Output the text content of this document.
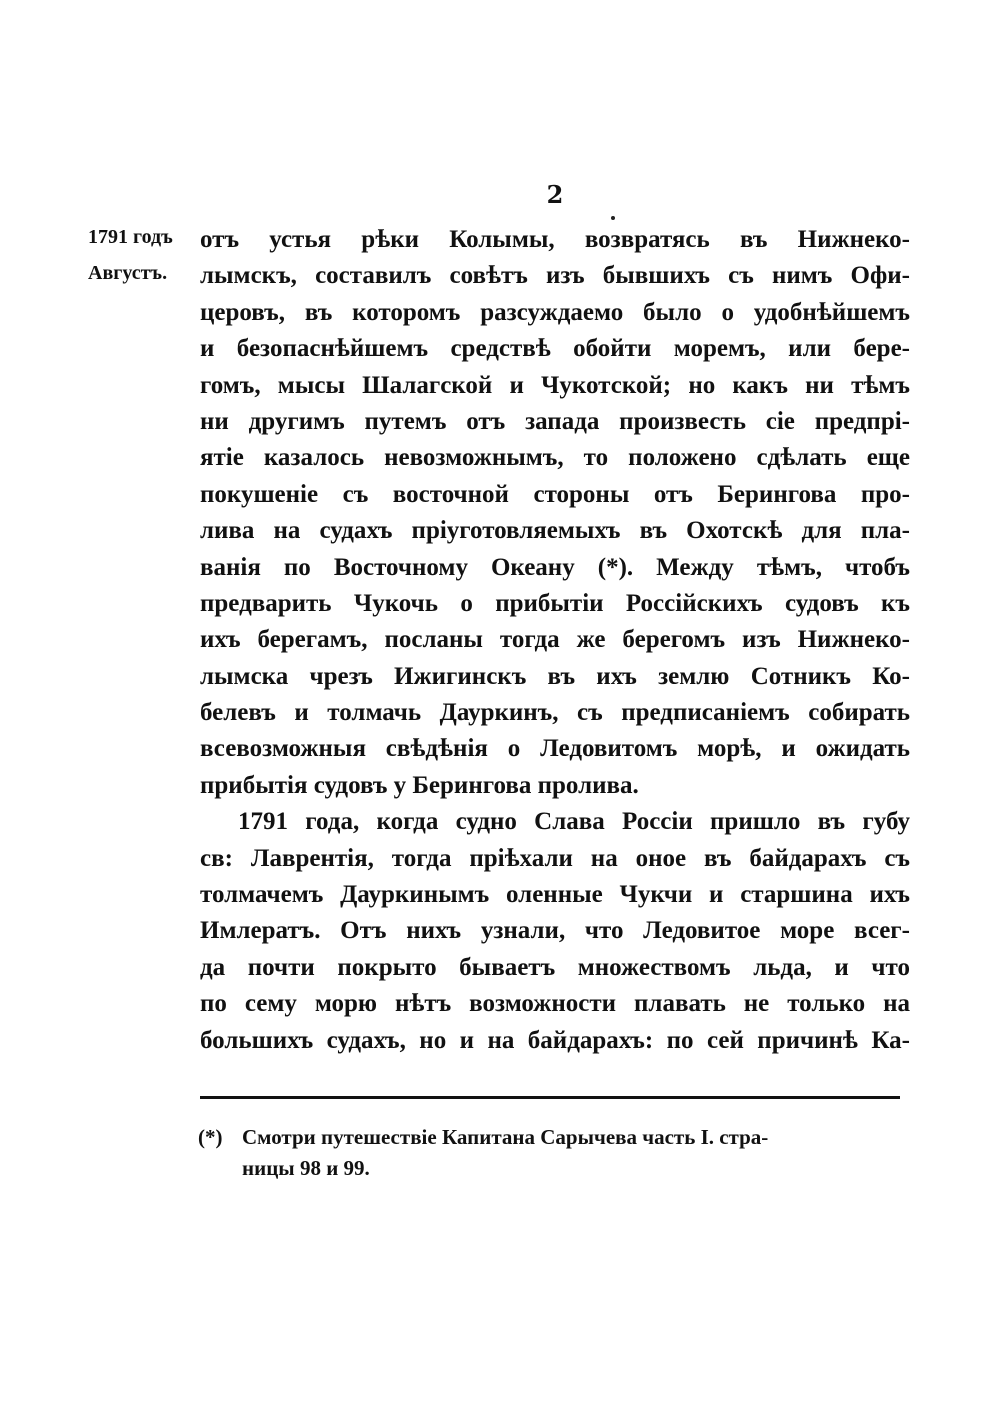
2
1791 годъ
Августъ.
отъ устья рѣки Колымы, возвратясь въ Нижнеко-
лымскъ, составилъ совѣтъ изъ бывшихъ съ нимъ Офи-
церовъ, въ которомъ разсуждаемо было о удобнѣйшемъ
и безопаснѣйшемъ средствѣ обойти моремъ, или бере-
гомъ, мысы Шалагской и Чукотской; но какъ ни тѣмъ
ни другимъ путемъ отъ запада произвесть сіе предпрі-
ятіе казалось невозможнымъ, то положено сдѣлать еще
покушеніе съ восточной стороны отъ Берингова про-
лива на судахъ пріуготовляемыхъ въ Охотскѣ для пла-
ванія по Восточному Океану (*). Между тѣмъ, чтобъ
предварить Чукочь о прибытіи Россійскихъ судовъ къ
ихъ берегамъ, посланы тогда же берегомъ изъ Нижнеко-
лымска чрезъ Ижигинскъ въ ихъ землю Сотникъ Ко-
белевъ и толмачь Дауркинъ, съ предписаніемъ собирать
всевозможныя свѣдѣнія о Ледовитомъ морѣ, и ожидать
прибытія судовъ у Берингова пролива.
1791 года, когда судно Слава Россіи пришло въ губу
св: Лаврентія, тогда пріѣхали на оное въ байдарахъ съ
толмачемъ Дауркинымъ оленные Чукчи и старшина ихъ
Имлератъ. Отъ нихъ узнали, что Ледовитое море всег-
да почти покрыто бываетъ множествомъ льда, и что
по сему морю нѣтъ возможности плавать не только на
большихъ судахъ, но и на байдарахъ: по сей причинѣ Ка-
(*) Смотри путешествіе Капитана Сарычева часть I. стра-
ницы 98 и 99.
